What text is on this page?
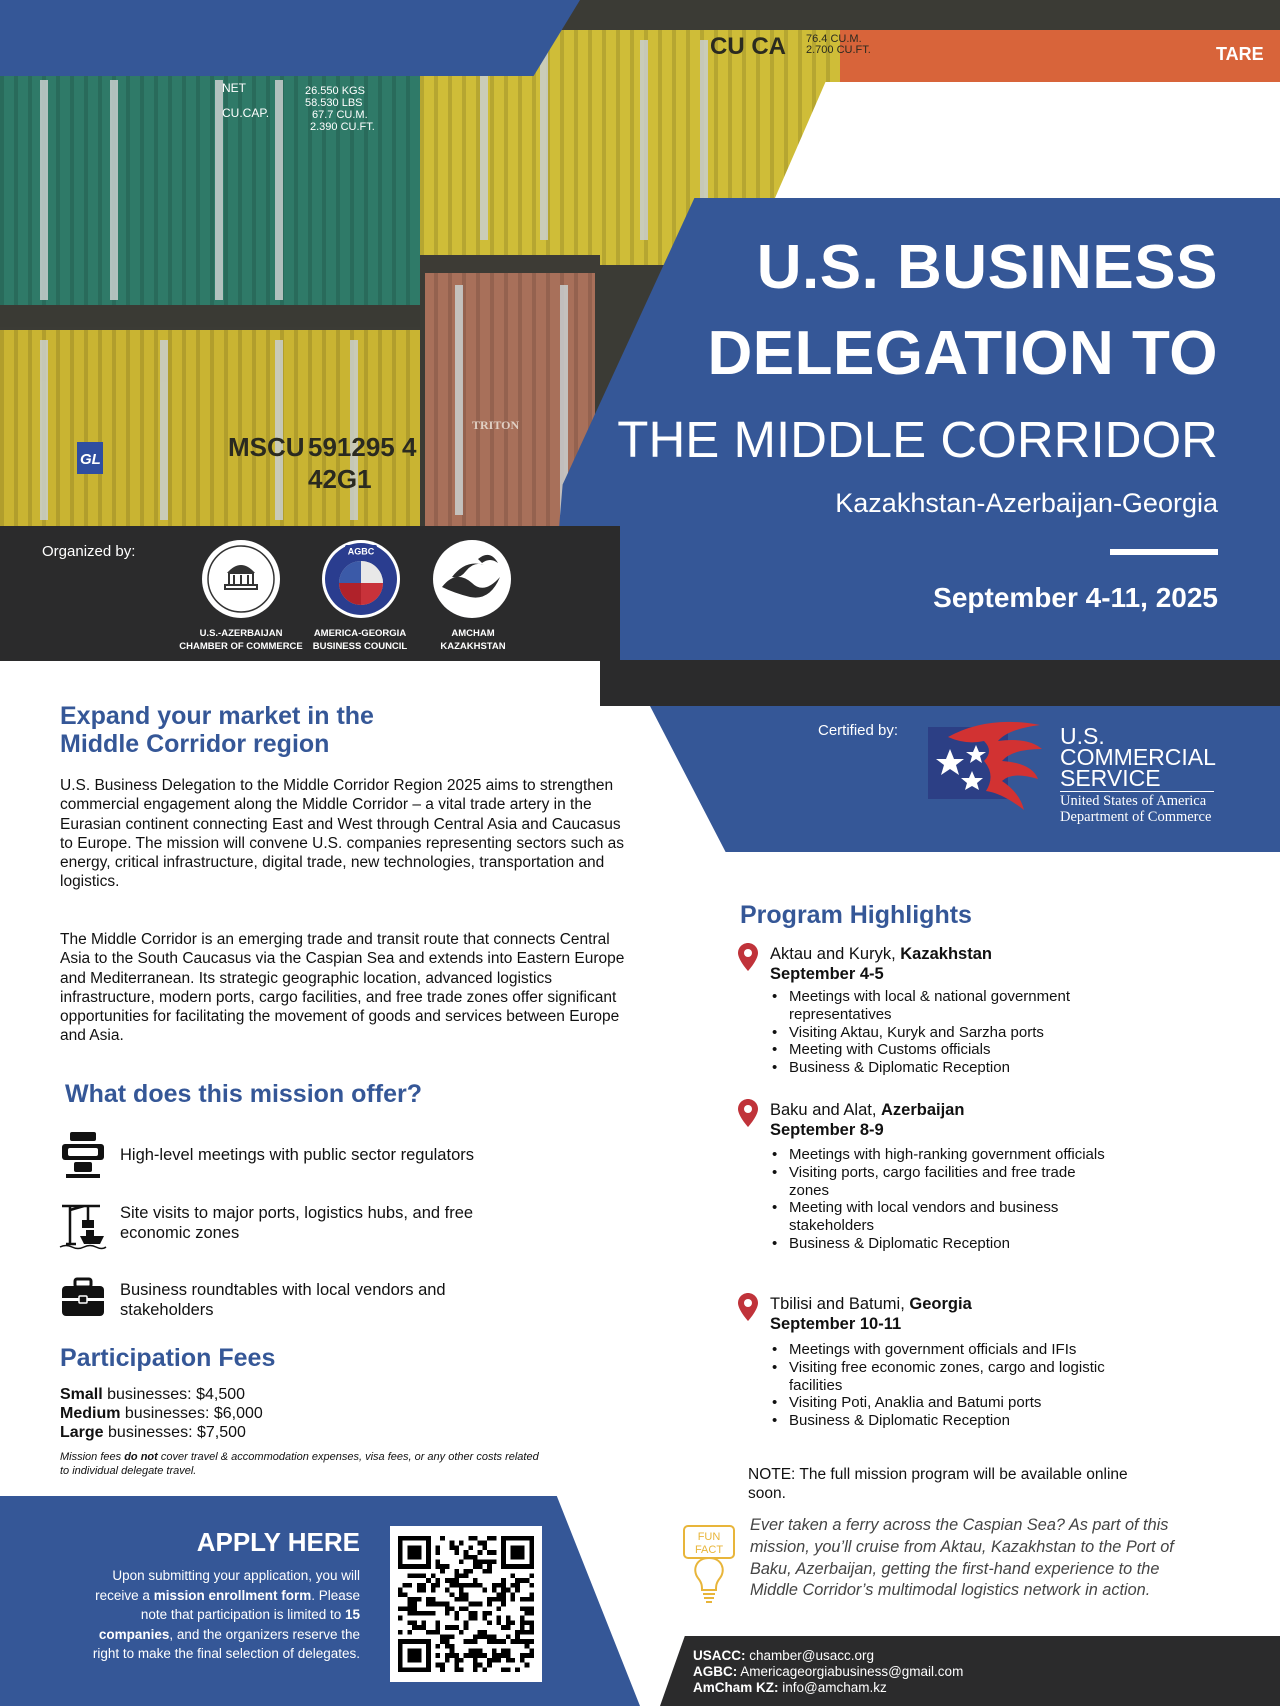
NET
CU.CAP.
26.550 KGS
58.530 LBS
67.7 CU.M.
2.390 CU.FT.
CU CA 76.4 CU.M.
2.700 CU.FT.
MSCU 591295 4
42G1
TARE
TRITON
GL
U.S. BUSINESS
DELEGATION TO
THE MIDDLE CORRIDOR
Kazakhstan-Azerbaijan-Georgia
September 4-11, 2025
Organized by:	AGBC
U.S.-AZERBAIJAN
CHAMBER OF COMMERCE
AMERICA-GEORGIA
BUSINESS COUNCIL
AMCHAM
KAZAKHSTAN
Certified by:	U.S.
COMMERCIAL
SERVICE
United States of America
Department of Commerce
Expand your market in the
Middle Corridor region

U.S. Business Delegation to the Middle Corridor Region 2025 aims to strengthen commercial engagement along the Middle Corridor – a vital trade artery in the Eurasian continent connecting East and West through Central Asia and Caucasus to Europe. The mission will convene U.S. companies representing sectors such as energy, critical infrastructure, digital trade, new technologies, transportation and logistics.

The Middle Corridor is an emerging trade and transit route that connects Central Asia to the South Caucasus via the Caspian Sea and extends into Eastern Europe and Mediterranean. Its strategic geographic location, advanced logistics infrastructure, modern ports, cargo facilities, and free trade zones offer significant opportunities for facilitating the movement of goods and services between Europe and Asia.

What does this mission offer?
High-level meetings with public sector regulators
Site visits to major ports, logistics hubs, and free economic zones
Business roundtables with local vendors and stakeholders
Participation Fees
Small businesses: $4,500
Medium businesses: $6,000
Large businesses: $7,500

Mission fees do not cover travel & accommodation expenses, visa fees, or any other costs related to individual delegate travel.

APPLY HERE

Upon submitting your application, you will receive a mission enrollment form. Please note that participation is limited to 15 companies, and the organizers reserve the right to make the final selection of delegates.

Program Highlights
Aktau and Kuryk, Kazakhstan
September 4-5
• Meetings with local & national government representatives
• Visiting Aktau, Kuryk and Sarzha ports
• Meeting with Customs officials
• Business & Diplomatic Reception
Baku and Alat, Azerbaijan
September 8-9
• Meetings with high-ranking government officials
• Visiting ports, cargo facilities and free trade zones
• Meeting with local vendors and business stakeholders
• Business & Diplomatic Reception
Tbilisi and Batumi, Georgia
September 10-11
• Meetings with government officials and IFIs
• Visiting free economic zones, cargo and logistic facilities
• Visiting Poti, Anaklia and Batumi ports
• Business & Diplomatic Reception

NOTE: The full mission program will be available online soon.

FUN
FACT

Ever taken a ferry across the Caspian Sea? As part of this mission, you’ll cruise from Aktau, Kazakhstan to the Port of Baku, Azerbaijan, getting the first-hand experience to the Middle Corridor’s multimodal logistics network in action.

USACC: chamber@usacc.org
AGBC: Americageorgiabusiness@gmail.com
AmCham KZ: info@amcham.kz
